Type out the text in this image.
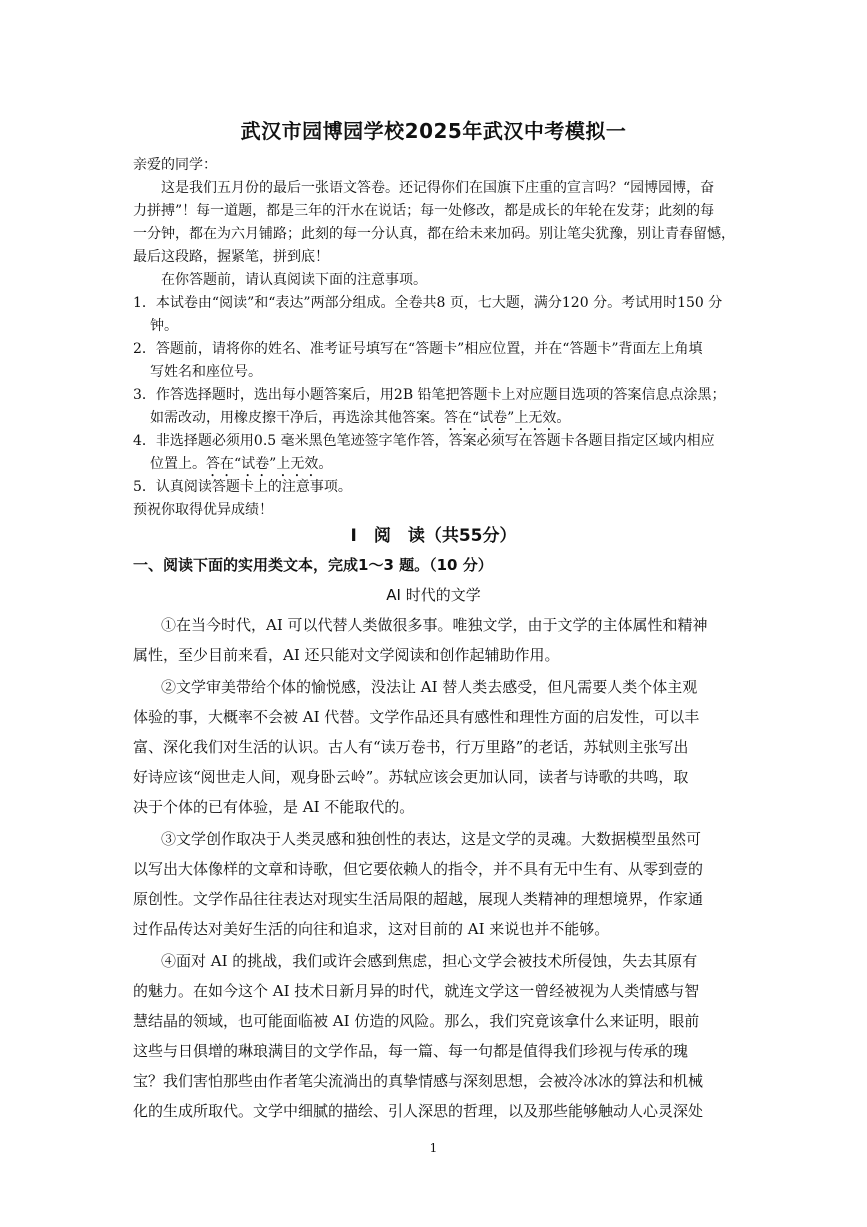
武汉市园博园学校2025年武汉中考模拟一
亲爱的同学：
这是我们五月份的最后一张语文答卷。还记得你们在国旗下庄重的宣言吗？“园博园博，奋
力拼搏”！每一道题，都是三年的汗水在说话；每一处修改，都是成长的年轮在发芽；此刻的每
一分钟，都在为六月铺路；此刻的每一分认真，都在给未来加码。别让笔尖犹豫，别让青春留憾，
最后这段路，握紧笔，拼到底！
在你答题前，请认真阅读下面的注意事项。
1．本试卷由“阅读”和“表达”两部分组成。全卷共8 页，七大题，满分120 分。考试用时150 分
钟。
2．答题前，请将你的姓名、准考证号填写在“答题卡”相应位置，并在“答题卡”背面左上角填
写姓名和座位号。
3．作答选择题时，选出每小题答案后，用2B 铅笔把答题卡上对应题目选项的答案信息点涂黑；
如需改动，用橡皮擦干净后，再选涂其他答案。答在“试卷”上无效。
4．非选择题必须用0.5 毫米黑色笔迹签字笔作答，答案必须写在答题卡各题目指定区域内相应
位置上。答在“试卷”上无效。
5．认真阅读答题卡上的注意事项。
预祝你取得优异成绩！
I　阅　读（共55分）
一、阅读下面的实用类文本，完成1～3 题。（10 分）
AI 时代的文学
①在当今时代，AI 可以代替人类做很多事。唯独文学，由于文学的主体属性和精神
属性，至少目前来看，AI 还只能对文学阅读和创作起辅助作用。
②文学审美带给个体的愉悦感，没法让 AI 替人类去感受，但凡需要人类个体主观
体验的事，大概率不会被 AI 代替。文学作品还具有感性和理性方面的启发性，可以丰
富、深化我们对生活的认识。古人有“读万卷书，行万里路”的老话，苏轼则主张写出
好诗应该“阅世走人间，观身卧云岭”。苏轼应该会更加认同，读者与诗歌的共鸣，取
决于个体的已有体验，是 AI 不能取代的。
③文学创作取决于人类灵感和独创性的表达，这是文学的灵魂。大数据模型虽然可
以写出大体像样的文章和诗歌，但它要依赖人的指令，并不具有无中生有、从零到壹的
原创性。文学作品往往表达对现实生活局限的超越，展现人类精神的理想境界，作家通
过作品传达对美好生活的向往和追求，这对目前的 AI 来说也并不能够。
④面对 AI 的挑战，我们或许会感到焦虑，担心文学会被技术所侵蚀，失去其原有
的魅力。在如今这个 AI 技术日新月异的时代，就连文学这一曾经被视为人类情感与智
慧结晶的领域，也可能面临被 AI 仿造的风险。那么，我们究竟该拿什么来证明，眼前
这些与日俱增的琳琅满目的文学作品，每一篇、每一句都是值得我们珍视与传承的瑰
宝？我们害怕那些由作者笔尖流淌出的真挚情感与深刻思想，会被冷冰冰的算法和机械
化的生成所取代。文学中细腻的描绘、引人深思的哲理，以及那些能够触动人心灵深处
1
